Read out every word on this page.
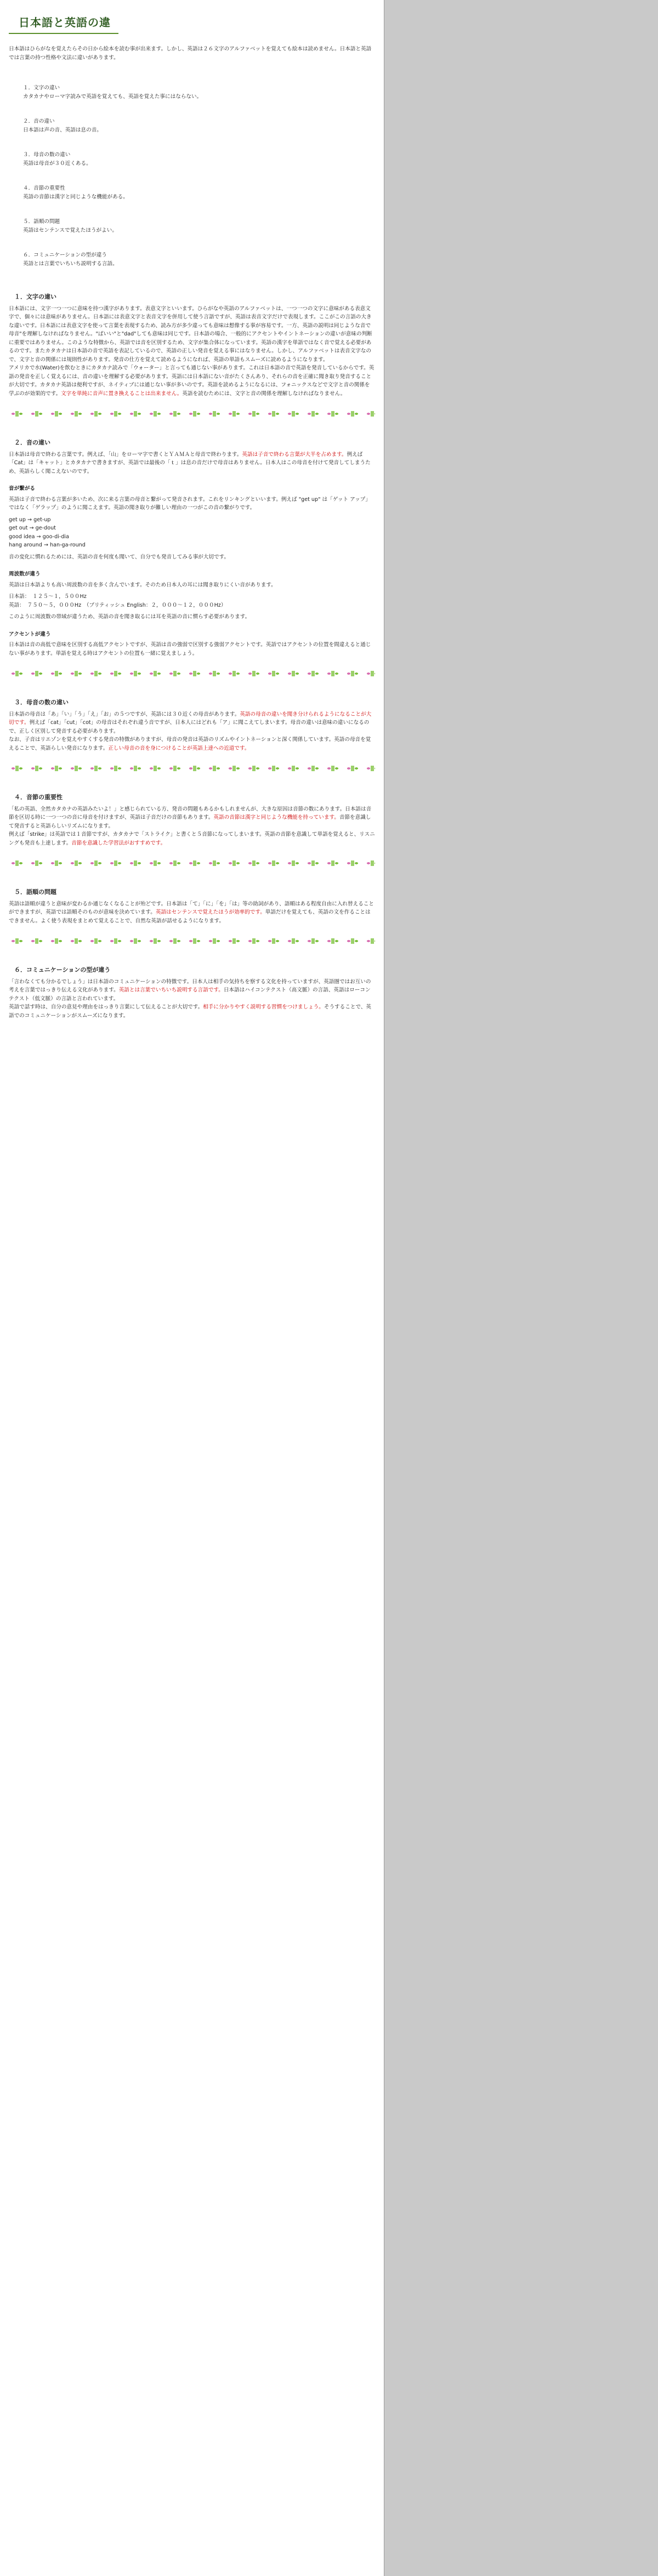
日本語と英語の違

日本語はひらがなを覚えたらその日から絵本を読む事が出来ます。しかし、英語は２６文字のアルファベットを覚えても絵本は読めません。日本語と英語では言葉の持つ性格や文法に違いがあります。

１．文字の違い
カタカナやローマ字読みで英語を覚えても、英語を覚えた事にはならない。
２．音の違い
日本語は声の音、英語は息の音。
３．母音の数の違い
英語は母音が３０近くある。
４．音節の重要性
英語の音節は漢字と同じような機能がある。
５．語順の問題
英語はセンテンスで覚えたほうがよい。
６．コミュニケーションの型が違う
英語とは言葉でいちいち説明する言語。
１．文字の違い

日本語には、文字一つ一つに意味を持つ漢字があります。表意文字といいます。ひらがなや英語のアルファベットは、一つ一つの文字に意味がある表意文字で、個々には意味がありません。日本語には表意文字と表音文字を併用して使う言語ですが、英語は表音文字だけで表現します。ここがこの言語の大きな違いです。日本語には表意文字を使って言葉を表現するため、読み方が多少違っても意味は想像する事が容易です。一方、英語の説明は同じような音で母音"を理解しなければなりません。"ばいい"と"dad"しても意味は同じです。日本語の場合、一般的にアクセントやイントネーションの違いが意味の判断に重要ではありません。このような特徴から、英語では音を区別するため、文字が集合体になっています。英語の漢字を単語ではなく音で覚える必要があるのです。またカタカナは日本語の音で英語を表記しているので、英語の正しい発音を覚える事にはなりません。しかし、アルファベットは表音文字なので、文字と音の関係には規則性があります。発音の仕方を覚えて読めるようになれば、英語の単語もスムーズに読めるようになります。

アメリカで水(Water)を飲むときにカタカナ読みで「ウォーター」と言っても通じない事があります。これは日本語の音で英語を発音しているからです。英語の発音を正しく覚えるには、音の違いを理解する必要があります。英語には日本語にない音がたくさんあり、それらの音を正確に聞き取り発音することが大切です。カタカナ英語は便利ですが、ネイティブには通じない事が多いのです。英語を読めるようになるには、フォニックスなどで文字と音の関係を学ぶのが効果的です。文字を単純に音声に置き換えることは出来ません。英語を読むためには、文字と音の関係を理解しなければなりません。

２．音の違い

日本語は母音で終わる言葉です。例えば、「山」をローマ字で書くとＹＡＭＡと母音で終わります。英語は子音で終わる言葉が大半を占めます。例えば「Cat」は「キャット」とカタカナで書きますが、英語では最後の「ｔ」は息の音だけで母音はありません。日本人はこの母音を付けて発音してしまうため、英語らしく聞こえないのです。

音が繋がる

英語は子音で終わる言葉が多いため、次に来る言葉の母音と繋がって発音されます。これをリンキングといいます。例えば "get up" は「ゲット アップ」ではなく「ゲラップ」のように聞こえます。英語の聞き取りが難しい理由の一つがこの音の繋がりです。

get up → get-up
get out → ge-dout
good idea → goo-di-dia
hang around → han-ga-round

音の変化に慣れるためには、英語の音を何度も聞いて、自分でも発音してみる事が大切です。

周波数が違う

英語は日本語よりも高い周波数の音を多く含んでいます。そのため日本人の耳には聞き取りにくい音があります。

日本語：　１２５〜１，５００Hz
英語：　７５０〜５，０００Hz　（ブリティッシュ English：２，０００〜１２，０００Hz）

このように周波数の帯域が違うため、英語の音を聞き取るには耳を英語の音に慣らす必要があります。

アクセントが違う

日本語は音の高低で意味を区別する高低アクセントですが、英語は音の強弱で区別する強弱アクセントです。英語ではアクセントの位置を間違えると通じない事があります。単語を覚える時はアクセントの位置も一緒に覚えましょう。

３．母音の数の違い

日本語の母音は「あ」「い」「う」「え」「お」の５つですが、英語には３０近くの母音があります。英語の母音の違いを聞き分けられるようになることが大切です。例えば「cat」「cut」「cot」の母音はそれぞれ違う音ですが、日本人にはどれも「ア」に聞こえてしまいます。母音の違いは意味の違いになるので、正しく区別して発音する必要があります。

なお、子音はリエゾンを覚えやすくする発音の特徴がありますが、母音の発音は英語のリズムやイントネーションと深く関係しています。英語の母音を覚えることで、英語らしい発音になります。正しい母音の音を身につけることが英語上達への近道です。

４．音節の重要性

「私の英語、全然カタカナの英語みたいよ！」と感じられている方、発音の問題もあるかもしれませんが、大きな原因は音節の数にあります。日本語は音節を区切る時に一つ一つの音に母音を付けますが、英語は子音だけの音節もあります。英語の音節は漢字と同じような機能を持っています。音節を意識して発音すると英語らしいリズムになります。

例えば「strike」は英語では１音節ですが、カタカナで「ストライク」と書くと５音節になってしまいます。英語の音節を意識して単語を覚えると、リスニングも発音も上達します。音節を意識した学習法がおすすめです。

５．語順の問題

英語は語順が違うと意味が変わるか通じなくなることが殆どです。日本語は「て」「に」「を」「は」等の助詞があり、語順はある程度自由に入れ替えることができますが、英語では語順そのものが意味を決めています。英語はセンテンスで覚えたほうが効率的です。単語だけを覚えても、英語の文を作ることはできません。よく使う表現をまとめて覚えることで、自然な英語が話せるようになります。

６．コミュニケーションの型が違う

「言わなくても分かるでしょう」は日本語のコミュニケーションの特徴です。日本人は相手の気持ちを察する文化を持っていますが、英語圏ではお互いの考えを言葉ではっきり伝える文化があります。英語とは言葉でいちいち説明する言語です。日本語はハイコンテクスト（高文脈）の言語、英語はローコンテクスト（低文脈）の言語と言われています。

英語で話す時は、自分の意見や理由をはっきり言葉にして伝えることが大切です。相手に分かりやすく説明する習慣をつけましょう。そうすることで、英語でのコミュニケーションがスムーズになります。
